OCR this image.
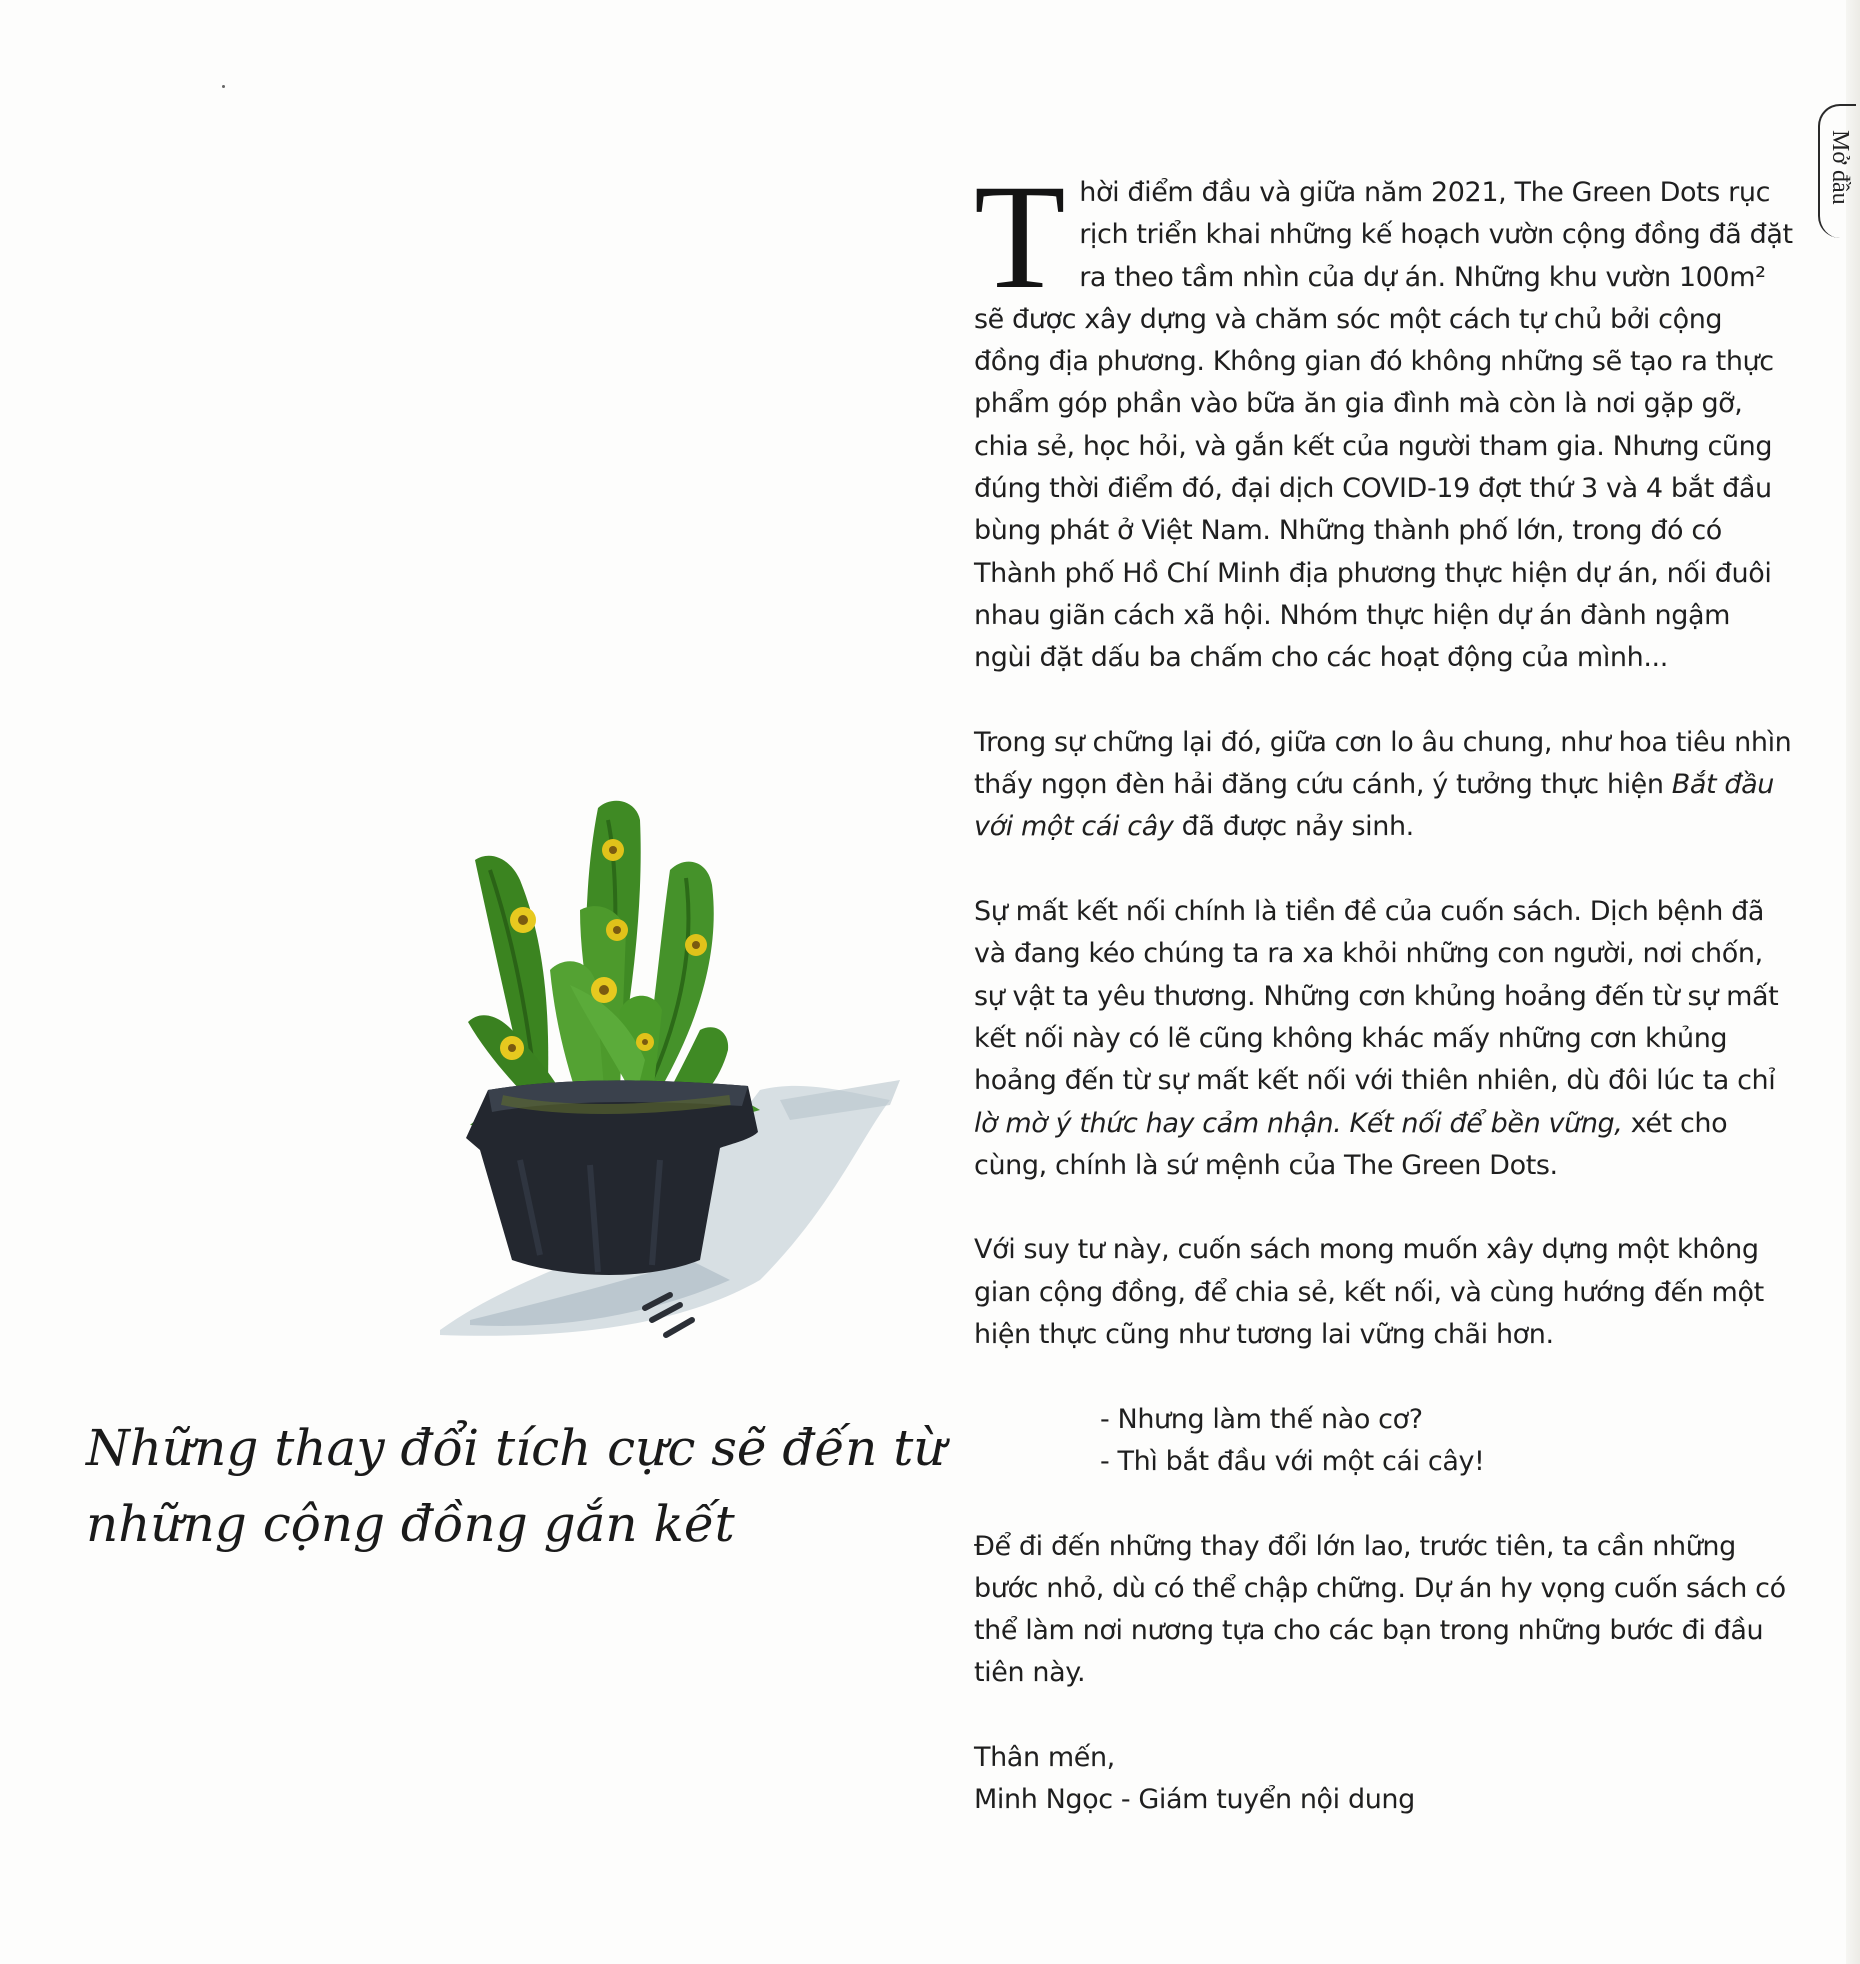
Mở đầu
Những thay đổi tích cực sẽ đến từ những cộng đồng gắn kết

Thời điểm đầu và giữa năm 2021, The Green Dots rục rịch triển khai những kế hoạch vườn cộng đồng đã đặt ra theo tầm nhìn của dự án. Những khu vườn 100m² sẽ được xây dựng và chăm sóc một cách tự chủ bởi cộng đồng địa phương. Không gian đó không những sẽ tạo ra thực phẩm góp phần vào bữa ăn gia đình mà còn là nơi gặp gỡ, chia sẻ, học hỏi, và gắn kết của người tham gia. Nhưng cũng đúng thời điểm đó, đại dịch COVID-19 đợt thứ 3 và 4 bắt đầu bùng phát ở Việt Nam. Những thành phố lớn, trong đó có Thành phố Hồ Chí Minh địa phương thực hiện dự án, nối đuôi nhau giãn cách xã hội. Nhóm thực hiện dự án đành ngậm ngùi đặt dấu ba chấm cho các hoạt động của mình...

Trong sự chững lại đó, giữa cơn lo âu chung, như hoa tiêu nhìn thấy ngọn đèn hải đăng cứu cánh, ý tưởng thực hiện Bắt đầu với một cái cây đã được nảy sinh.

Sự mất kết nối chính là tiền đề của cuốn sách. Dịch bệnh đã và đang kéo chúng ta ra xa khỏi những con người, nơi chốn, sự vật ta yêu thương. Những cơn khủng hoảng đến từ sự mất kết nối này có lẽ cũng không khác mấy những cơn khủng hoảng đến từ sự mất kết nối với thiên nhiên, dù đôi lúc ta chỉ lờ mờ ý thức hay cảm nhận. Kết nối để bền vững, xét cho cùng, chính là sứ mệnh của The Green Dots.

Với suy tư này, cuốn sách mong muốn xây dựng một không gian cộng đồng, để chia sẻ, kết nối, và cùng hướng đến một hiện thực cũng như tương lai vững chãi hơn.

- Nhưng làm thế nào cơ?
- Thì bắt đầu với một cái cây!

Để đi đến những thay đổi lớn lao, trước tiên, ta cần những bước nhỏ, dù có thể chập chững. Dự án hy vọng cuốn sách có thể làm nơi nương tựa cho các bạn trong những bước đi đầu tiên này.

Thân mến,
Minh Ngọc - Giám tuyển nội dung
